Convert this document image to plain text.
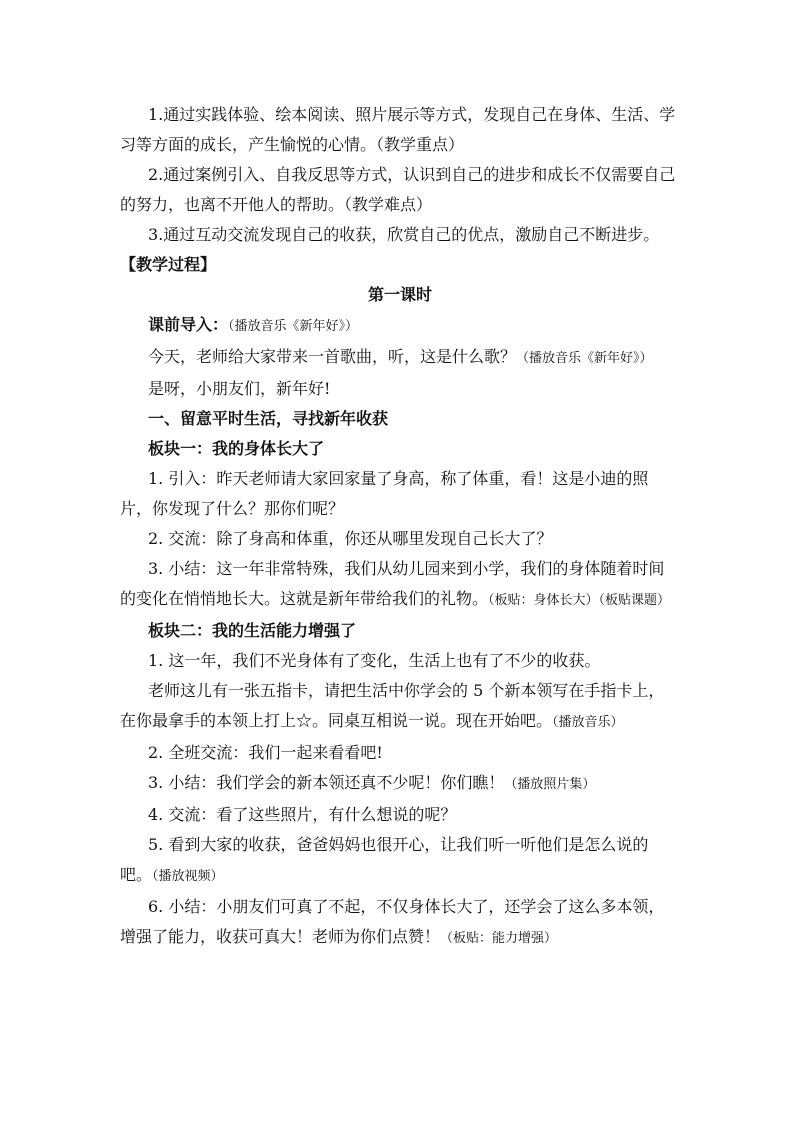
1.通过实践体验、绘本阅读、照片展示等方式，发现自己在身体、生活、学习等方面的成长，产生愉悦的心情。（教学重点）

2.通过案例引入、自我反思等方式，认识到自己的进步和成长不仅需要自己的努力，也离不开他人的帮助。（教学难点）

3.通过互动交流发现自己的收获，欣赏自己的优点，激励自己不断进步。

【教学过程】

第一课时

课前导入：（播放音乐《新年好》）

今天，老师给大家带来一首歌曲，听，这是什么歌？（播放音乐《新年好》）

是呀，小朋友们，新年好!

一、留意平时生活，寻找新年收获

板块一：我的身体长大了

1. 引入：昨天老师请大家回家量了身高，称了体重，看！这是小迪的照片，你发现了什么？那你们呢？

2. 交流：除了身高和体重，你还从哪里发现自己长大了？

3. 小结：这一年非常特殊，我们从幼儿园来到小学，我们的身体随着时间的变化在悄悄地长大。这就是新年带给我们的礼物。（板贴：身体长大）（板贴课题）

板块二：我的生活能力增强了

1. 这一年，我们不光身体有了变化，生活上也有了不少的收获。

老师这儿有一张五指卡，请把生活中你学会的 5 个新本领写在手指卡上，在你最拿手的本领上打上☆。同桌互相说一说。现在开始吧。（播放音乐）

2. 全班交流：我们一起来看看吧!

3. 小结：我们学会的新本领还真不少呢！你们瞧！（播放照片集）

4. 交流：看了这些照片，有什么想说的呢？

5. 看到大家的收获，爸爸妈妈也很开心，让我们听一听他们是怎么说的吧。（播放视频）

6. 小结：小朋友们可真了不起，不仅身体长大了，还学会了这么多本领，增强了能力，收获可真大！老师为你们点赞！（板贴：能力增强）
